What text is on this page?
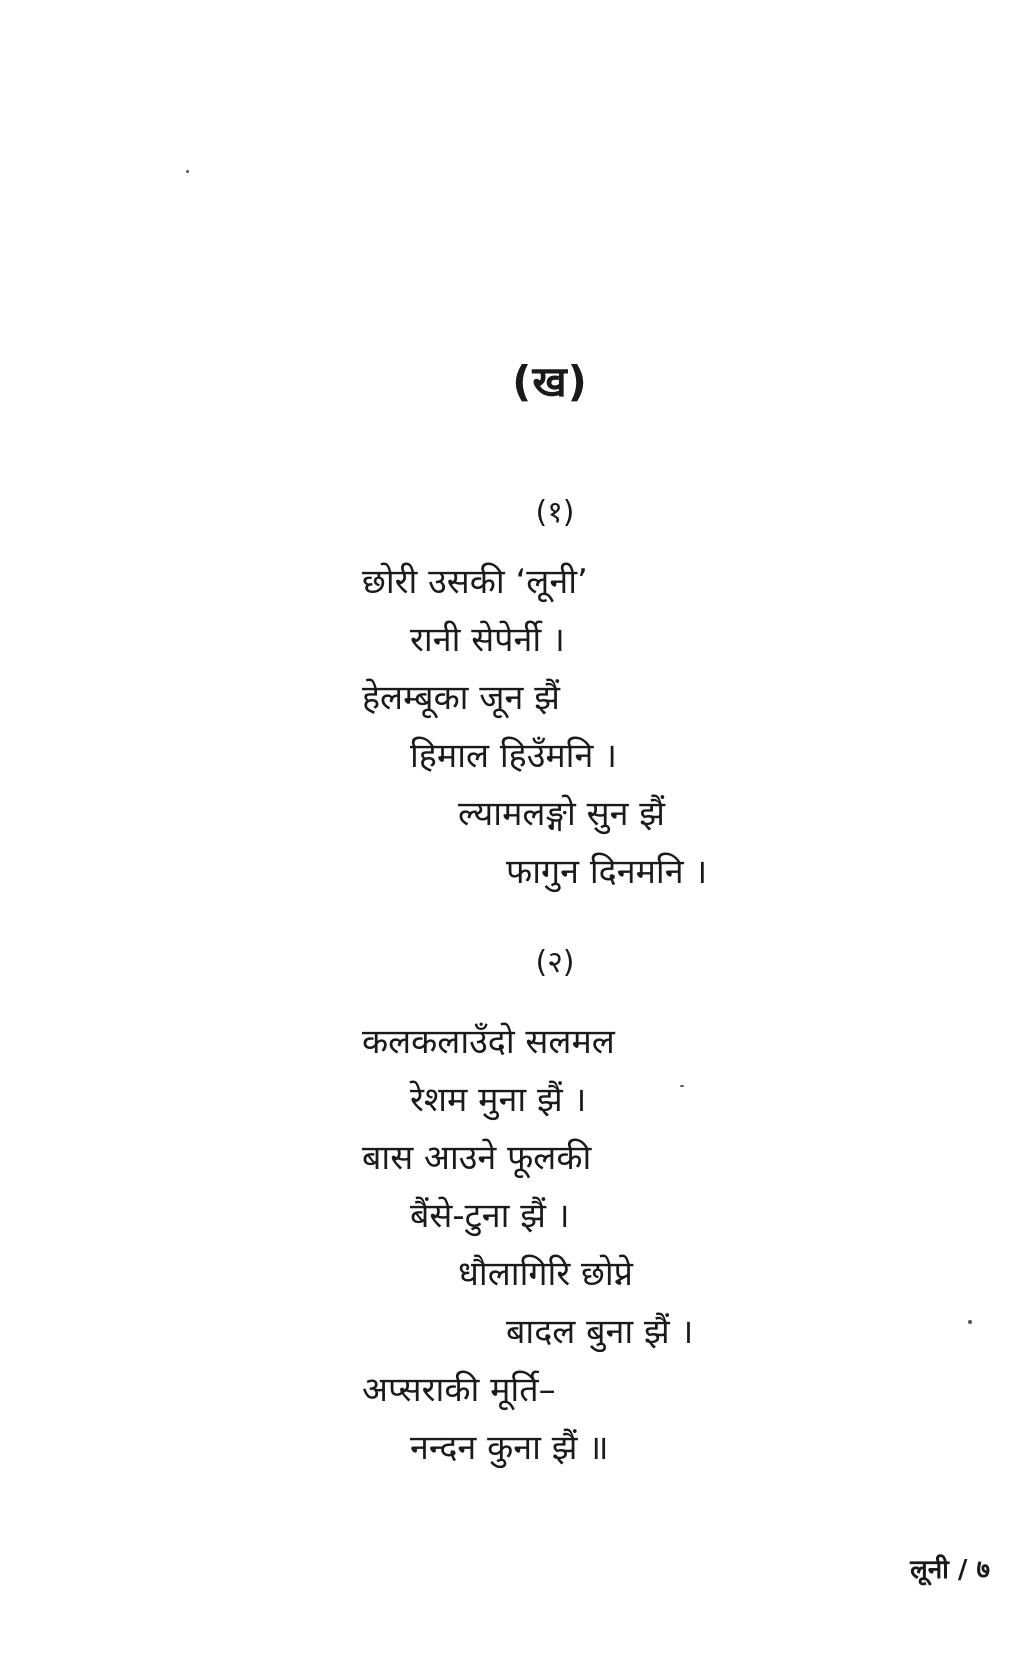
(ख)
(१)
छोरी उसकी ‘लूनी’
रानी सेपेर्नी ।
हेलम्बूका जून झैं
हिमाल हिउँमनि ।
ल्यामलङ्गो सुन झैं
फागुन दिनमनि ।
(२)
कलकलाउँदो सलमल
रेशम मुना झैं ।
बास आउने फूलकी
बैंसे-टुना झैं ।
धौलागिरि छोप्ने
बादल बुना झैं ।
अप्सराकी मूर्ति–
नन्दन कुना झैं ॥
लूनी / ७
